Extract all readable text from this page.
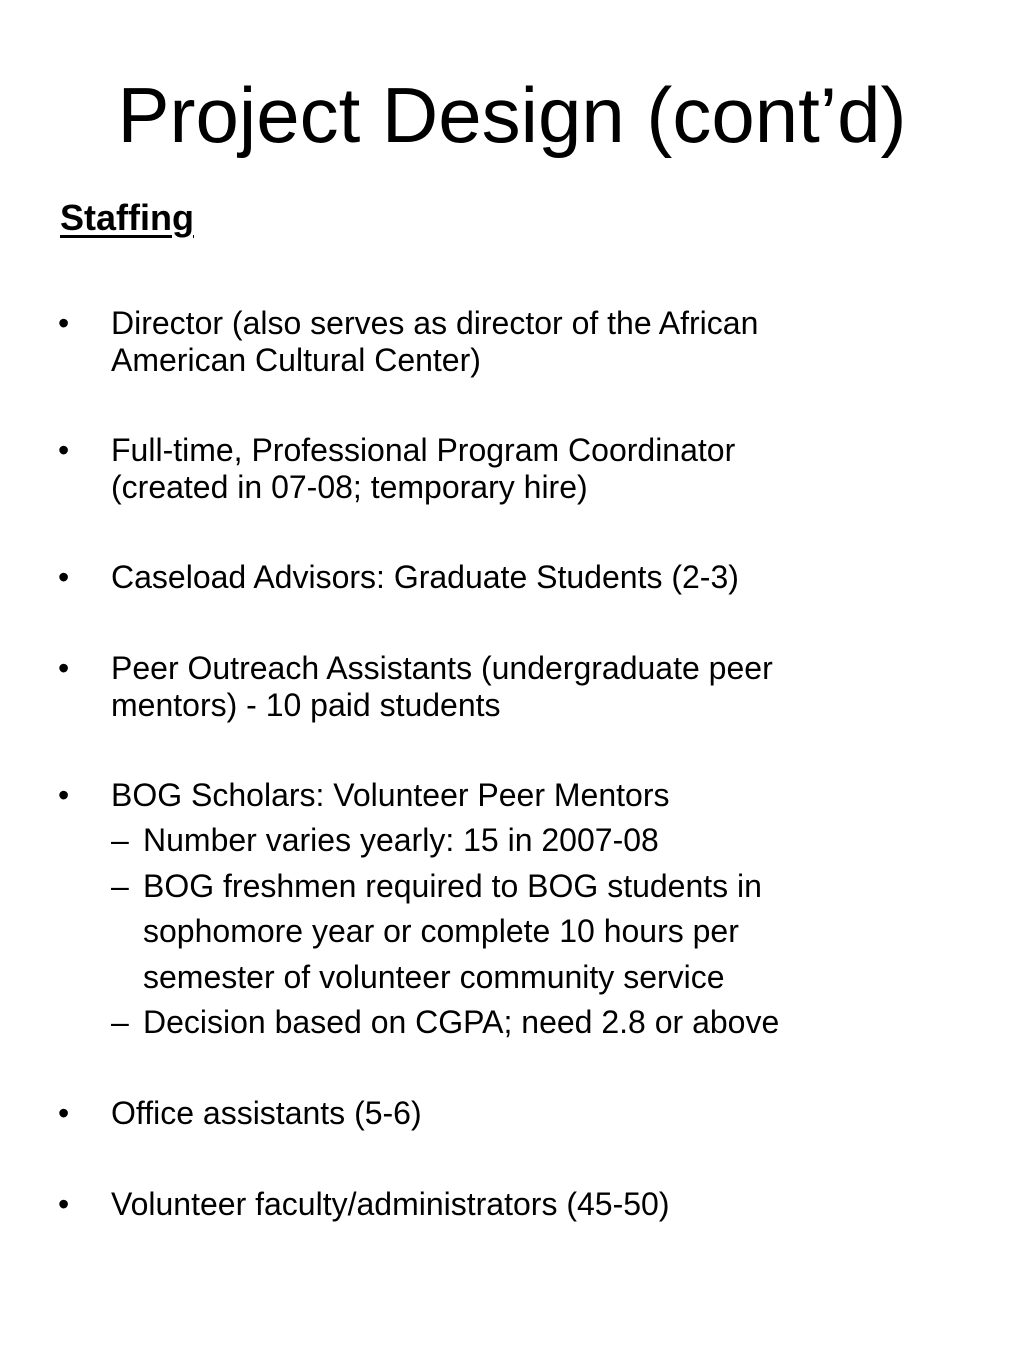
Project Design (cont’d)
Staffing
• Director (also serves as director of the African
American Cultural Center)
• Full-time, Professional Program Coordinator
(created in 07-08; temporary hire)
• Caseload Advisors: Graduate Students (2-3)
• Peer Outreach Assistants (undergraduate peer
mentors) - 10 paid students
• BOG Scholars: Volunteer Peer Mentors
– Number varies yearly: 15 in 2007-08
– BOG freshmen required to BOG students in
sophomore year or complete 10 hours per
semester of volunteer community service
– Decision based on CGPA; need 2.8 or above
• Office assistants (5-6)
• Volunteer faculty/administrators (45-50)
